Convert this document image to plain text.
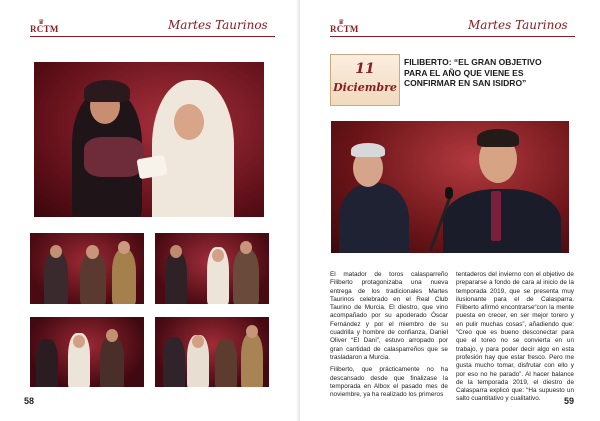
♛
RCTM	Martes Taurinos
58
♛
RCTM	Martes Taurinos
11
Diciembre
FILIBERTO: “EL GRAN OBJETIVO PARA EL AÑO QUE VIENE ES CONFIRMAR EN SAN ISIDRO”

El matador de toros calasparreño Filiberto protagonizaba una nueva entrega de los tradicionales Martes Taurinos celebrado en el Real Club Taurino de Murcia. El diestro, que vino acompañado por su apoderado Óscar Fernández y por el miembro de su cuadrilla y hombre de confianza, Daniel Oliver “El Dani”, estuvo arropado por gran cantidad de calasparreños que se trasladaron a Murcia.

Filiberto, que prácticamente no ha descansado desde que finalizase la temporada en Albox el pasado mes de noviembre, ya ha realizado los primeros

tentaderos del invierno con el objetivo de prepararse a fondo de cara al inicio de la temporada 2019, que se presenta muy ilusionante para el de Calasparra. Filiberto afirmó encontrarse“con la mente puesta en crecer, en ser mejor torero y en pulir muchas cosas”, añadiendo que: “Creo que es bueno desconectar para que el toreo no se convierta en un trabajo, y para poder decir algo en esta profesión hay que estar fresco. Pero me gusta mucho tomar, disfrutar con ello y por eso no he parado”. Al hacer balance de la temporada 2019, el diestro de Calasparra explicó que: “Ha supuesto un salto cuantitativo y cualitativo.	59
